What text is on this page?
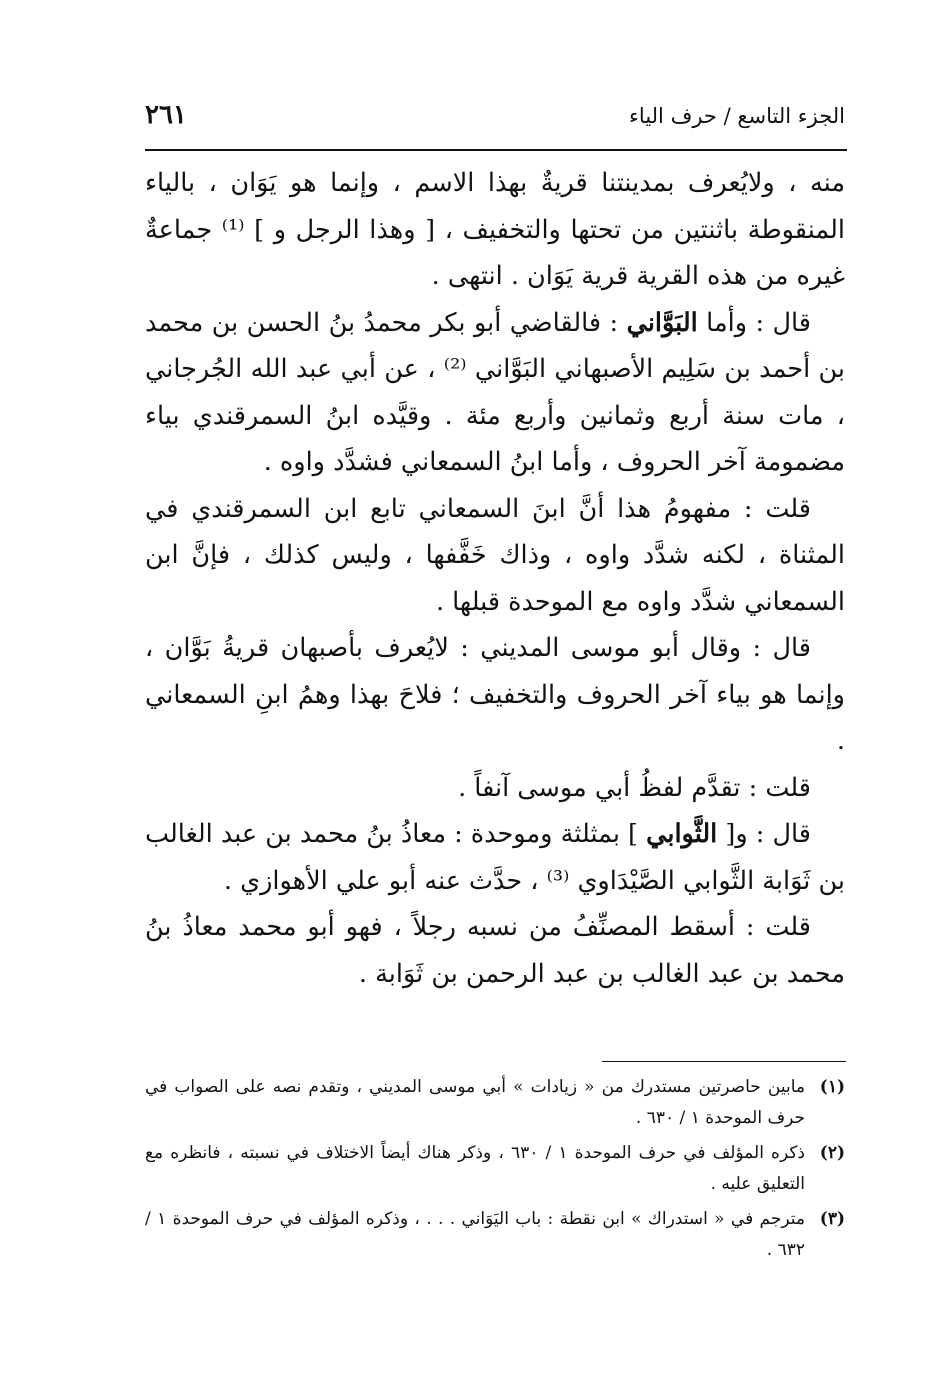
الجزء التاسع / حرف الياء
٢٦١

منه ، ولايُعرف بمدينتنا قريةٌ بهذا الاسم ، وإنما هو يَوَان ، بالياء المنقوطة باثنتين من تحتها والتخفيف ، [ وهذا الرجل و ] ⁽¹⁾ جماعةٌ غيره من هذه القرية قرية يَوَان . انتهى .

قال : وأما البَوَّاني : فالقاضي أبو بكر محمدُ بنُ الحسن بن محمد بن أحمد بن سَلِيم الأصبهاني البَوَّاني ⁽²⁾ ، عن أبي عبد الله الجُرجاني ، مات سنة أربع وثمانين وأربع مئة . وقيَّده ابنُ السمرقندي بياء مضمومة آخر الحروف ، وأما ابنُ السمعاني فشدَّد واوه .

قلت : مفهومُ هذا أنَّ ابنَ السمعاني تابع ابن السمرقندي في المثناة ، لكنه شدَّد واوه ، وذاك خَفَّفها ، وليس كذلك ، فإنَّ ابن السمعاني شدَّد واوه مع الموحدة قبلها .

قال : وقال أبو موسى المديني : لايُعرف بأصبهان قريةُ بَوَّان ، وإنما هو بياء آخر الحروف والتخفيف ؛ فلاحَ بهذا وهمُ ابنِ السمعاني .

قلت : تقدَّم لفظُ أبي موسى آنفاً .

قال : و[ الثَّوابي ] بمثلثة وموحدة : معاذُ بنُ محمد بن عبد الغالب بن ثَوَابة الثَّوابي الصَّيْدَاوي ⁽³⁾ ، حدَّث عنه أبو علي الأهوازي .

قلت : أسقط المصنِّفُ من نسبه رجلاً ، فهو أبو محمد معاذُ بنُ محمد بن عبد الغالب بن عبد الرحمن بن ثَوَابة .

(١)
مابين حاصرتين مستدرك من « زيادات » أبي موسى المديني ، وتقدم نصه على الصواب في حرف الموحدة ١ / ٦٣٠ .
(٢)
ذكره المؤلف في حرف الموحدة ١ / ٦٣٠ ، وذكر هناك أيضاً الاختلاف في نسبته ، فانظره مع التعليق عليه .
(٣)
مترجم في « استدراك » ابن نقطة : باب اليَوَاني . . . ، وذكره المؤلف في حرف الموحدة ١ / ٦٣٢ .
